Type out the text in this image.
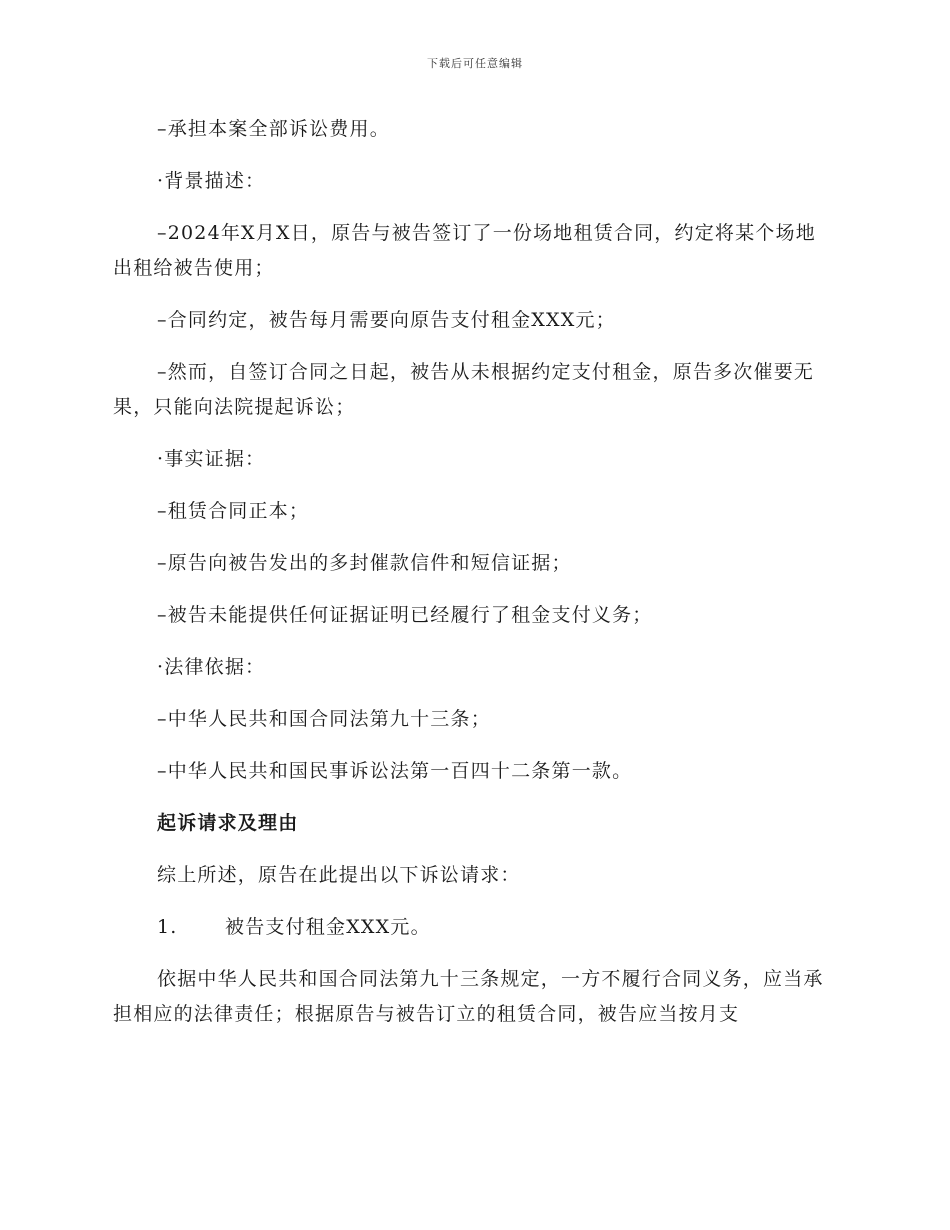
下载后可任意编辑

–承担本案全部诉讼费用。

·背景描述：

–2024年X月X日，原告与被告签订了一份场地租赁合同，约定将某个场地出租给被告使用；

–合同约定，被告每月需要向原告支付租金XXX元；

–然而，自签订合同之日起，被告从未根据约定支付租金，原告多次催要无果，只能向法院提起诉讼；

·事实证据：

–租赁合同正本；

–原告向被告发出的多封催款信件和短信证据；

–被告未能提供任何证据证明已经履行了租金支付义务；

·法律依据：

–中华人民共和国合同法第九十三条；

–中华人民共和国民事诉讼法第一百四十二条第一款。

起诉请求及理由

综上所述，原告在此提出以下诉讼请求：

1.	被告支付租金XXX元。

依据中华人民共和国合同法第九十三条规定，一方不履行合同义务，应当承担相应的法律责任；根据原告与被告订立的租赁合同，被告应当按月支
